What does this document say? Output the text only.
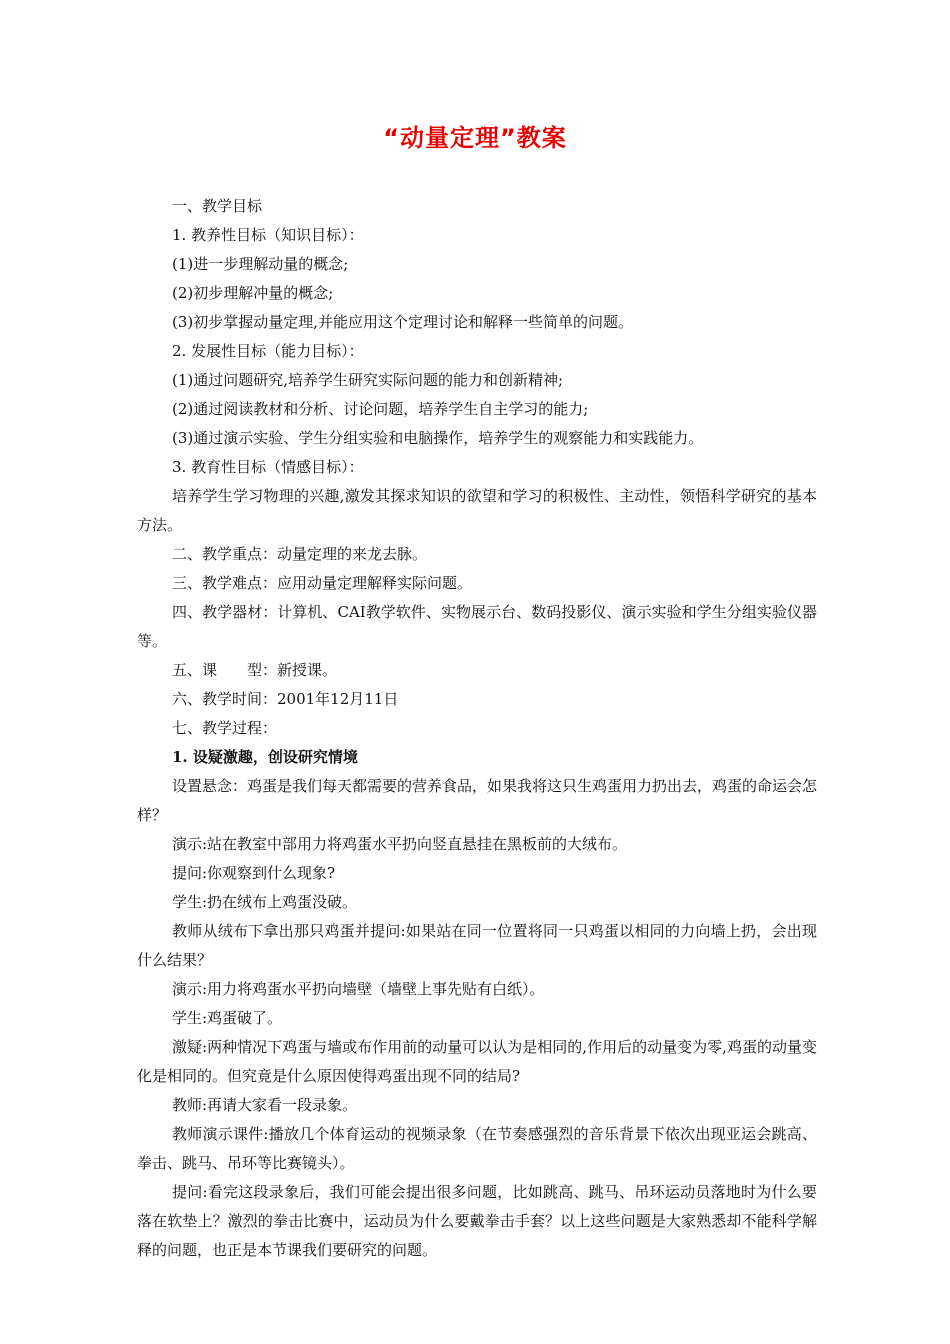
“动量定理”教案

一、教学目标

1. 教养性目标（知识目标）：

(1)进一步理解动量的概念;

(2)初步理解冲量的概念;

(3)初步掌握动量定理,并能应用这个定理讨论和解释一些简单的问题。

2. 发展性目标（能力目标）：

(1)通过问题研究,培养学生研究实际问题的能力和创新精神;

(2)通过阅读教材和分析、讨论问题，培养学生自主学习的能力;

(3)通过演示实验、学生分组实验和电脑操作，培养学生的观察能力和实践能力。

3. 教育性目标（情感目标）：

培养学生学习物理的兴趣,激发其探求知识的欲望和学习的积极性、主动性，领悟科学研究的基本方法。

二、教学重点：动量定理的来龙去脉。

三、教学难点：应用动量定理解释实际问题。

四、教学器材：计算机、CAI教学软件、实物展示台、数码投影仪、演示实验和学生分组实验仪器等。

五、课　　型：新授课。

六、教学时间：2001年12月11日

七、教学过程：

1. 设疑激趣，创设研究情境

设置悬念：鸡蛋是我们每天都需要的营养食品，如果我将这只生鸡蛋用力扔出去，鸡蛋的命运会怎样？

演示:站在教室中部用力将鸡蛋水平扔向竖直悬挂在黑板前的大绒布。

提问:你观察到什么现象?

学生:扔在绒布上鸡蛋没破。

教师从绒布下拿出那只鸡蛋并提问:如果站在同一位置将同一只鸡蛋以相同的力向墙上扔，会出现什么结果？

演示:用力将鸡蛋水平扔向墙壁（墙壁上事先贴有白纸）。

学生:鸡蛋破了。

激疑:两种情况下鸡蛋与墙或布作用前的动量可以认为是相同的,作用后的动量变为零,鸡蛋的动量变化是相同的。但究竟是什么原因使得鸡蛋出现不同的结局?

教师:再请大家看一段录象。

教师演示课件:播放几个体育运动的视频录象（在节奏感强烈的音乐背景下依次出现亚运会跳高、拳击、跳马、吊环等比赛镜头）。

提问:看完这段录象后，我们可能会提出很多问题，比如跳高、跳马、吊环运动员落地时为什么要落在软垫上？激烈的拳击比赛中，运动员为什么要戴拳击手套？以上这些问题是大家熟悉却不能科学解释的问题，也正是本节课我们要研究的问题。
